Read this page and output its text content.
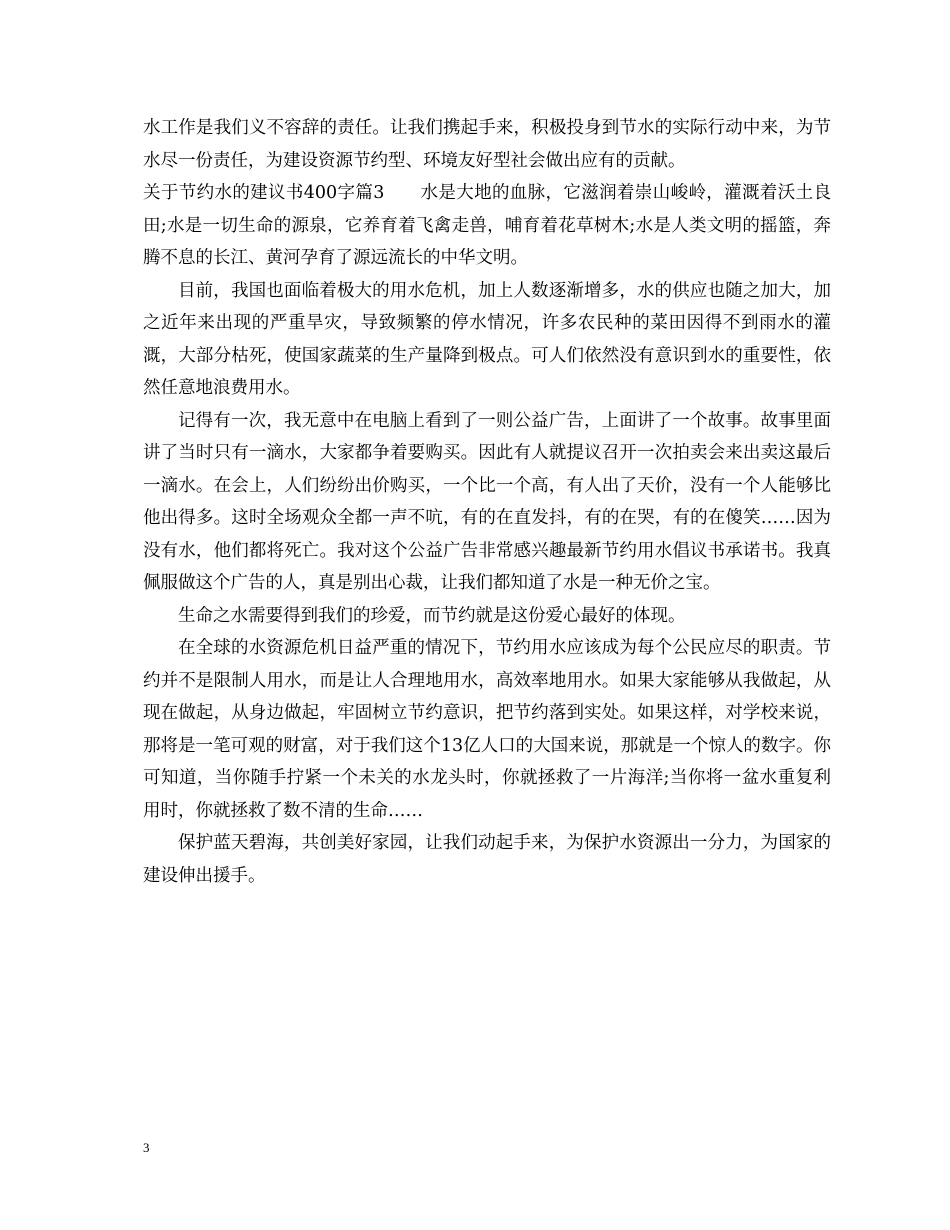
水工作是我们义不容辞的责任。让我们携起手来，积极投身到节水的实际行动中来，为节水尽一份责任，为建设资源节约型、环境友好型社会做出应有的贡献。

关于节约水的建议书400字篇3　　水是大地的血脉，它滋润着崇山峻岭，灌溉着沃土良田;水是一切生命的源泉，它养育着飞禽走兽，哺育着花草树木;水是人类文明的摇篮，奔腾不息的长江、黄河孕育了源远流长的中华文明。

目前，我国也面临着极大的用水危机，加上人数逐渐增多，水的供应也随之加大，加之近年来出现的严重旱灾，导致频繁的停水情况，许多农民种的菜田因得不到雨水的灌溉，大部分枯死，使国家蔬菜的生产量降到极点。可人们依然没有意识到水的重要性，依然任意地浪费用水。

记得有一次，我无意中在电脑上看到了一则公益广告，上面讲了一个故事。故事里面讲了当时只有一滴水，大家都争着要购买。因此有人就提议召开一次拍卖会来出卖这最后一滴水。在会上，人们纷纷出价购买，一个比一个高，有人出了天价，没有一个人能够比他出得多。这时全场观众全都一声不吭，有的在直发抖，有的在哭，有的在傻笑……因为没有水，他们都将死亡。我对这个公益广告非常感兴趣最新节约用水倡议书承诺书。我真佩服做这个广告的人，真是别出心裁，让我们都知道了水是一种无价之宝。

生命之水需要得到我们的珍爱，而节约就是这份爱心最好的体现。

在全球的水资源危机日益严重的情况下，节约用水应该成为每个公民应尽的职责。节约并不是限制人用水，而是让人合理地用水，高效率地用水。如果大家能够从我做起，从现在做起，从身边做起，牢固树立节约意识，把节约落到实处。如果这样，对学校来说，那将是一笔可观的财富，对于我们这个13亿人口的大国来说，那就是一个惊人的数字。你可知道，当你随手拧紧一个未关的水龙头时，你就拯救了一片海洋;当你将一盆水重复利用时，你就拯救了数不清的生命……

保护蓝天碧海，共创美好家园，让我们动起手来，为保护水资源出一分力，为国家的建设伸出援手。

3
